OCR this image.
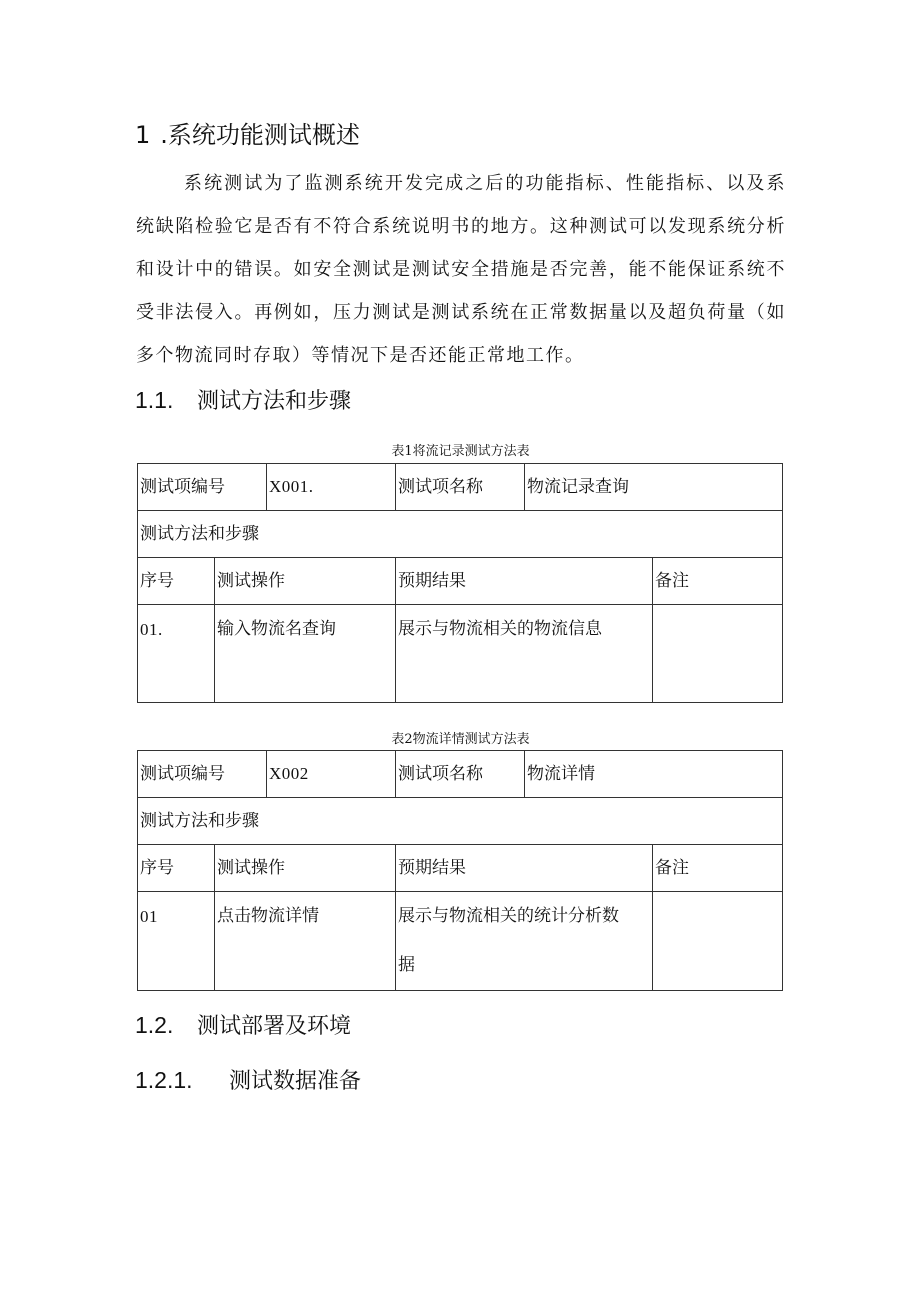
1 .系统功能测试概述
系统测试为了监测系统开发完成之后的功能指标、性能指标、以及系统缺陷检验它是否有不符合系统说明书的地方。这种测试可以发现系统分析和设计中的错误。如安全测试是测试安全措施是否完善，能不能保证系统不受非法侵入。再例如，压力测试是测试系统在正常数据量以及超负荷量（如多个物流同时存取）等情况下是否还能正常地工作。
1.1. 测试方法和步骤
表1将流记录测试方法表
测试项编号		X001.	测试项名称	物流记录查询	
测试方法和步骤					
序号	测试操作		预期结果		备注

01.	输入物流名查询		展示与物流相关的物流信息		

表2物流详情测试方法表
测试项编号		X002	测试项名称	物流详情	
测试方法和步骤					
序号	测试操作		预期结果		备注

01	点击物流详情		展示与物流相关的统计分析数据		

1.2. 测试部署及环境
1.2.1. 测试数据准备
